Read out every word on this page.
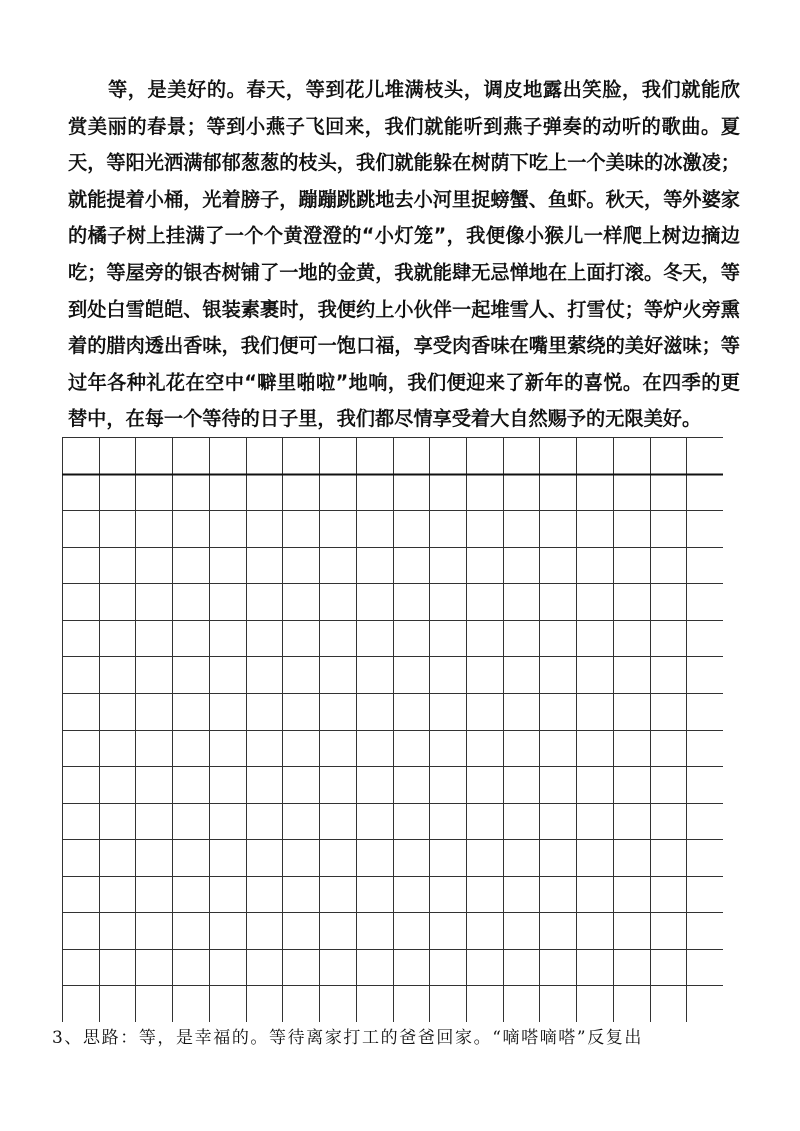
等，是美好的。春天，等到花儿堆满枝头，调皮地露出笑脸，我们就能欣赏美丽的春景；等到小燕子飞回来，我们就能听到燕子弹奏的动听的歌曲。夏天，等阳光洒满郁郁葱葱的枝头，我们就能躲在树荫下吃上一个美味的冰激凌；就能提着小桶，光着膀子，蹦蹦跳跳地去小河里捉螃蟹、鱼虾。秋天，等外婆家的橘子树上挂满了一个个黄澄澄的“小灯笼”，我便像小猴儿一样爬上树边摘边吃；等屋旁的银杏树铺了一地的金黄，我就能肆无忌惮地在上面打滚。冬天，等到处白雪皑皑、银装素裹时，我便约上小伙伴一起堆雪人、打雪仗；等炉火旁熏着的腊肉透出香味，我们便可一饱口福，享受肉香味在嘴里萦绕的美好滋味；等过年各种礼花在空中“噼里啪啦”地响，我们便迎来了新年的喜悦。在四季的更替中，在每一个等待的日子里，我们都尽情享受着大自然赐予的无限美好。

3、思路：等，是幸福的。等待离家打工的爸爸回家。“嘀嗒嘀嗒”反复出
